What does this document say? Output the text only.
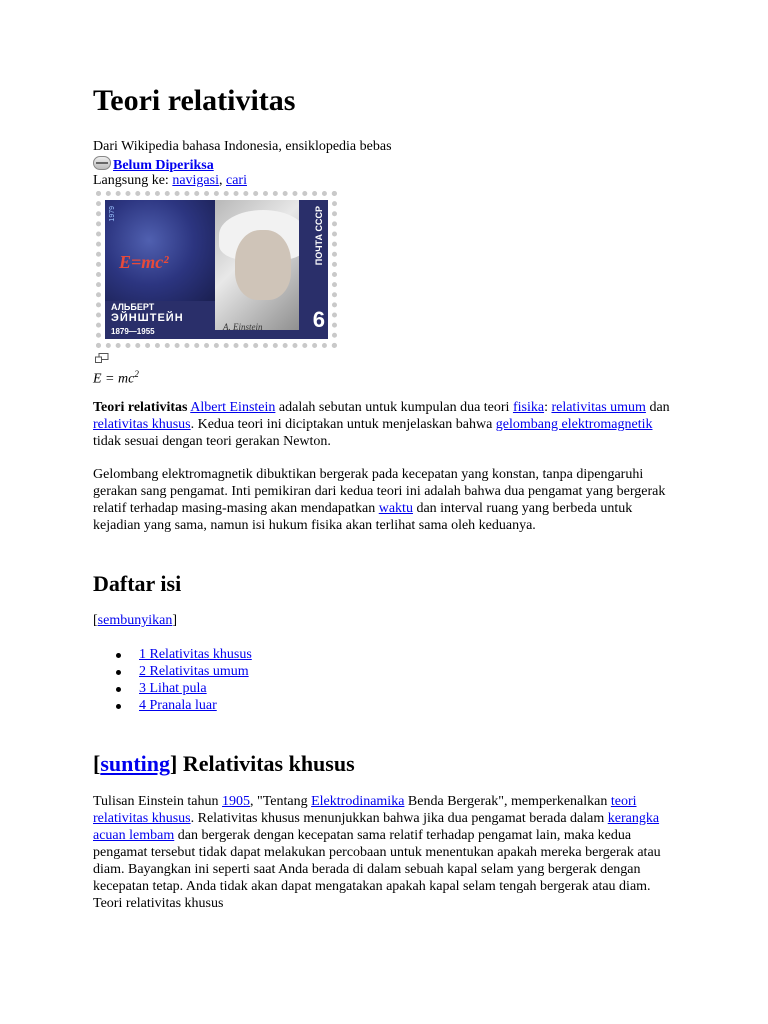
Teori relativitas
Dari Wikipedia bahasa Indonesia, ensiklopedia bebas
Belum Diperiksa
Langsung ke: navigasi, cari
E=mc²
АЛЬБЕРТ
ЭЙНШТЕЙН
1879—1955	A. Einstein
1979	ПОЧТА СССР
6
$E = mc^2$

Teori relativitas Albert Einstein adalah sebutan untuk kumpulan dua teori fisika: relativitas umum dan relativitas khusus. Kedua teori ini diciptakan untuk menjelaskan bahwa gelombang elektromagnetik tidak sesuai dengan teori gerakan Newton.

Gelombang elektromagnetik dibuktikan bergerak pada kecepatan yang konstan, tanpa dipengaruhi gerakan sang pengamat. Inti pemikiran dari kedua teori ini adalah bahwa dua pengamat yang bergerak relatif terhadap masing-masing akan mendapatkan waktu dan interval ruang yang berbeda untuk kejadian yang sama, namun isi hukum fisika akan terlihat sama oleh keduanya.

Daftar isi
[sembunyikan]
1 Relativitas khusus
2 Relativitas umum
3 Lihat pula
4 Pranala luar
[sunting] Relativitas khusus

Tulisan Einstein tahun 1905, "Tentang Elektrodinamika Benda Bergerak", memperkenalkan teori relativitas khusus. Relativitas khusus menunjukkan bahwa jika dua pengamat berada dalam kerangka acuan lembam dan bergerak dengan kecepatan sama relatif terhadap pengamat lain, maka kedua pengamat tersebut tidak dapat melakukan percobaan untuk menentukan apakah mereka bergerak atau diam. Bayangkan ini seperti saat Anda berada di dalam sebuah kapal selam yang bergerak dengan kecepatan tetap. Anda tidak akan dapat mengatakan apakah kapal selam tengah bergerak atau diam. Teori relativitas khusus
